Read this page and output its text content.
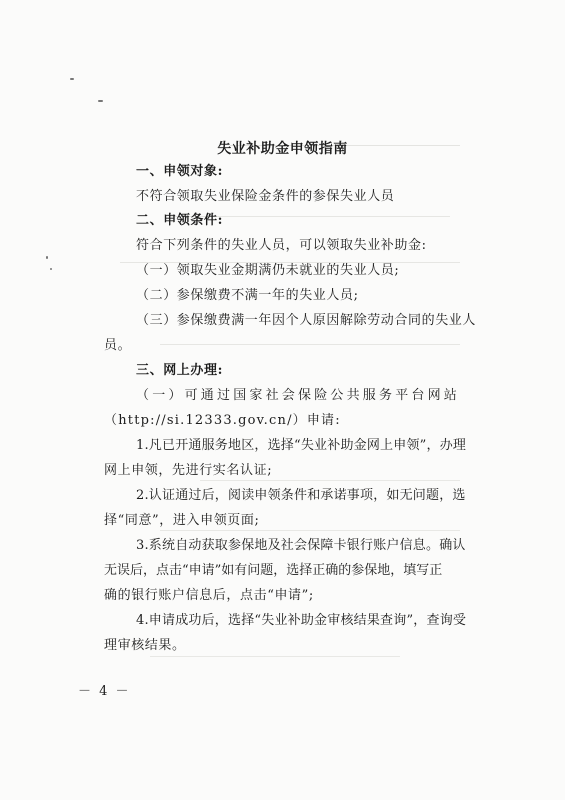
失业补助金申领指南
一、申领对象:
不符合领取失业保险金条件的参保失业人员
二、申领条件:
符合下列条件的失业人员，可以领取失业补助金:
（一）领取失业金期满仍未就业的失业人员;
（二）参保缴费不满一年的失业人员;
（三）参保缴费满一年因个人原因解除劳动合同的失业人
员。
三、网上办理:
（一）可通过国家社会保险公共服务平台网站
（http://si.12333.gov.cn/）申请:
1.凡已开通服务地区，选择“失业补助金网上申领”，办理
网上申领，先进行实名认证;
2.认证通过后，阅读申领条件和承诺事项，如无问题，选
择“同意”，进入申领页面;
3.系统自动获取参保地及社会保障卡银行账户信息。确认
无误后，点击“申请”如有问题，选择正确的参保地，填写正
确的银行账户信息后，点击“申请”;
4.申请成功后，选择“失业补助金审核结果查询”，查询受
理审核结果。
－ 4 －
